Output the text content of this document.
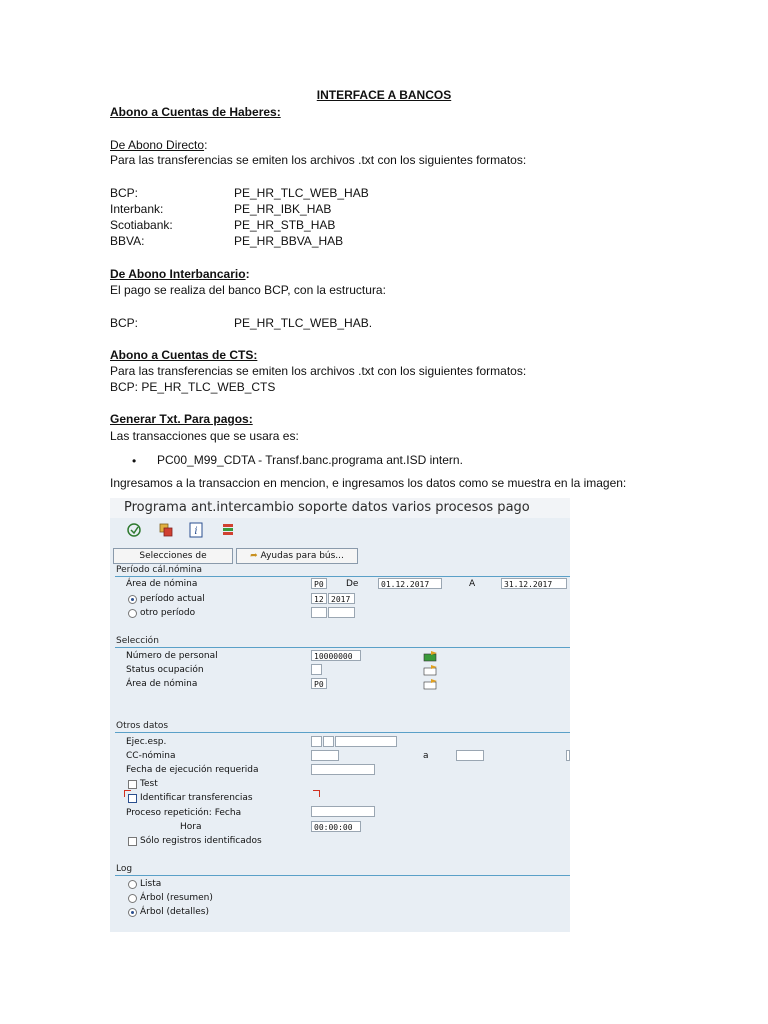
INTERFACE A BANCOS
Abono a Cuentas de Haberes:
De Abono Directo:
Para las transferencias se emiten los archivos .txt con los siguientes formatos:
BCP:	PE_HR_TLC_WEB_HAB
Interbank:	PE_HR_IBK_HAB
Scotiabank:	PE_HR_STB_HAB
BBVA:	PE_HR_BBVA_HAB
De Abono Interbancario:
El pago se realiza del banco BCP, con la estructura:
BCP:	PE_HR_TLC_WEB_HAB.
Abono a Cuentas de CTS:
Para las transferencias se emiten los archivos .txt con los siguientes formatos:
BCP: PE_HR_TLC_WEB_CTS
Generar Txt. Para pagos:
Las transacciones que se usara es:
• PC00_M99_CDTA - Transf.banc.programa ant.ISD intern.
Ingresamos a la transaccion en mencion, e ingresamos los datos como se muestra en la imagen:
Programa ant.intercambio soporte datos varios procesos pago
i
Selecciones de	➦ Ayudas para bús...
Período cál.nómina
Área de nómina	P0	De	01.12.2017	A	31.12.2017
período actual	12 2017
otro período
Selección
Número de personal	10000000
Status ocupación
Área de nómina	P0
Otros datos
Ejec.esp.
CC-nómina	a
Fecha de ejecución requerida
Test
Identificar transferencias
Proceso repetición: Fecha
Hora	00:00:00
Sólo registros identificados
Log
Lista
Árbol (resumen)
Árbol (detalles)
